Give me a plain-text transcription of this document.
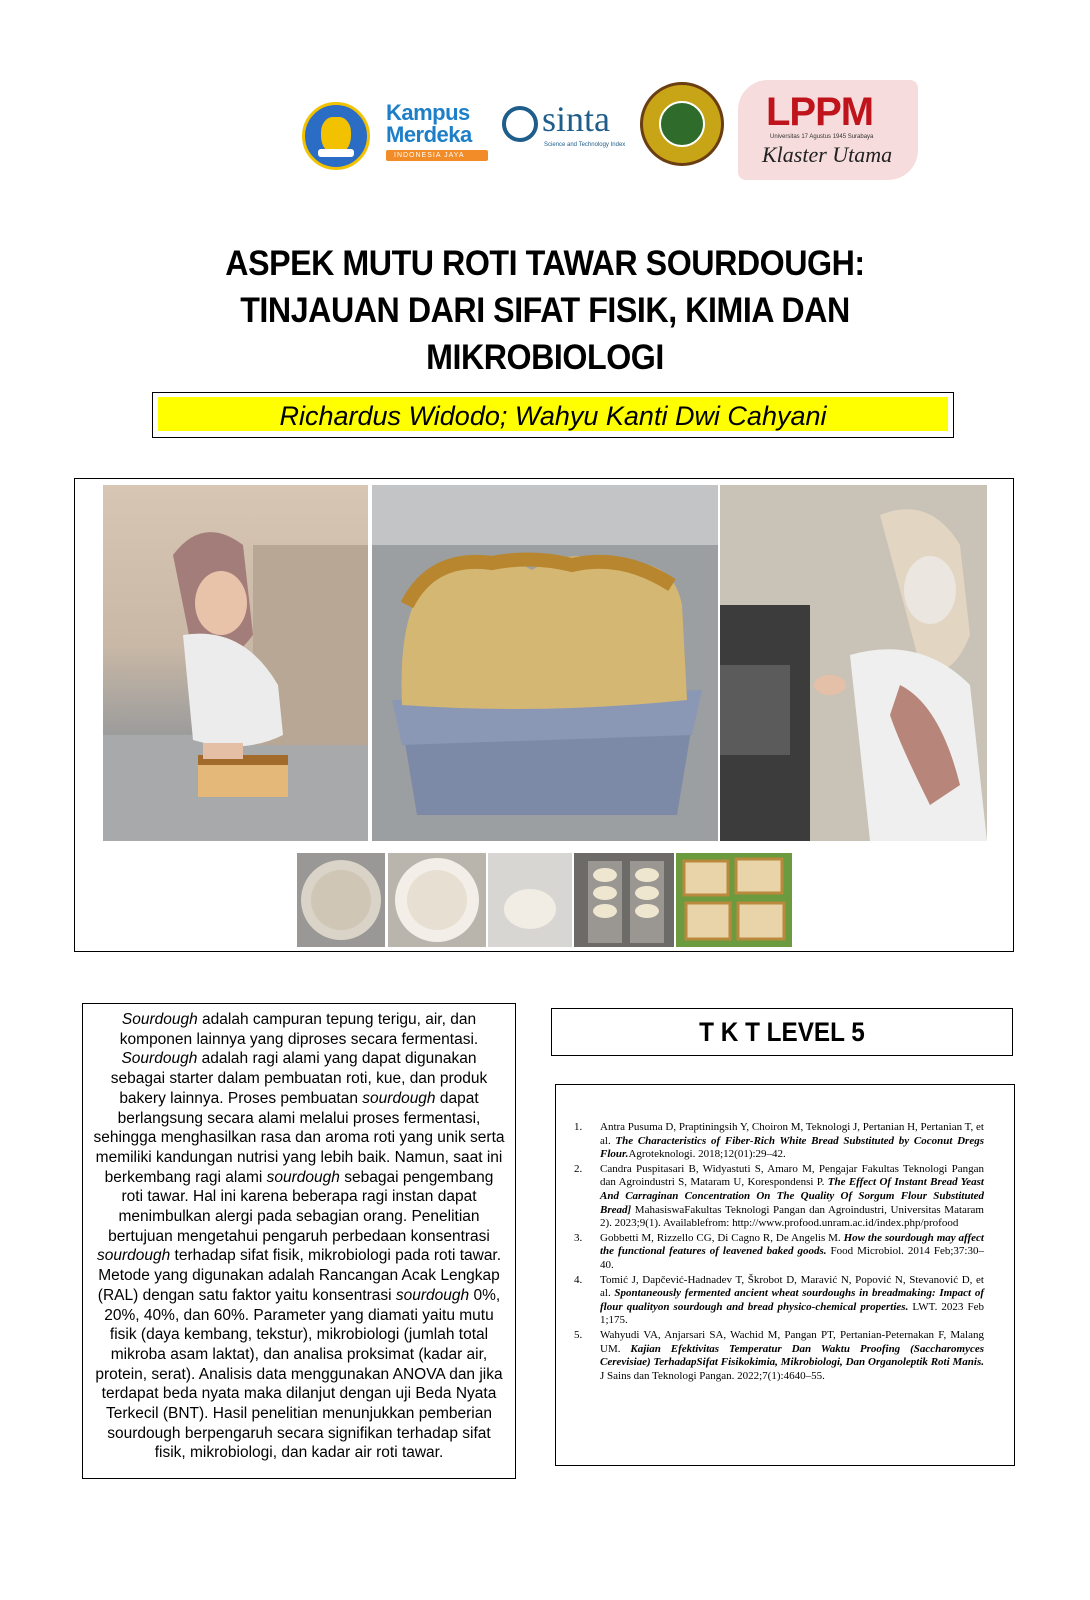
Kampus
Merdeka
INDONESIA JAYA
sinta
Science and Technology Index
LPPM
Universitas 17 Agustus 1945 Surabaya
Klaster Utama
ASPEK MUTU ROTI TAWAR SOURDOUGH:
TINJAUAN DARI SIFAT FISIK, KIMIA DAN
MIKROBIOLOGI
Richardus Widodo; Wahyu Kanti Dwi Cahyani
Sourdough adalah campuran tepung terigu, air, dan komponen lainnya yang diproses secara fermentasi. Sourdough adalah ragi alami yang dapat digunakan sebagai starter dalam pembuatan roti, kue, dan produk bakery lainnya. Proses pembuatan sourdough dapat berlangsung secara alami melalui proses fermentasi, sehingga menghasilkan rasa dan aroma roti yang unik serta memiliki kandungan nutrisi yang lebih baik. Namun, saat ini berkembang ragi alami sourdough sebagai pengembang roti tawar. Hal ini karena beberapa ragi instan dapat menimbulkan alergi pada sebagian orang. Penelitian bertujuan mengetahui pengaruh perbedaan konsentrasi sourdough terhadap sifat fisik, mikrobiologi pada roti tawar. Metode yang digunakan adalah Rancangan Acak Lengkap (RAL) dengan satu faktor yaitu konsentrasi sourdough 0%, 20%, 40%, dan 60%. Parameter yang diamati yaitu mutu fisik (daya kembang, tekstur), mikrobiologi (jumlah total mikroba asam laktat), dan analisa proksimat (kadar air, protein, serat). Analisis data menggunakan ANOVA dan jika terdapat beda nyata maka dilanjut dengan uji Beda Nyata Terkecil (BNT). Hasil penelitian menunjukkan pemberian sourdough berpengaruh secara signifikan terhadap sifat fisik, mikrobiologi, dan kadar air roti tawar.
T K T LEVEL 5
1. Antra Pusuma D, Praptiningsih Y, Choiron M, Teknologi J, Pertanian H, Pertanian T, et al. The Characteristics of Fiber-Rich White Bread Substituted by Coconut Dregs Flour.Agroteknologi. 2018;12(01):29–42.
2. Candra Puspitasari B, Widyastuti S, Amaro M, Pengajar Fakultas Teknologi Pangan dan Agroindustri S, Mataram U, Korespondensi P. The Effect Of Instant Bread Yeast And Carraginan Concentration On The Quality Of Sorgum Flour Substituted Bread] MahasiswaFakultas Teknologi Pangan dan Agroindustri, Universitas Mataram 2). 2023;9(1). Availablefrom: http://www.profood.unram.ac.id/index.php/profood
3. Gobbetti M, Rizzello CG, Di Cagno R, De Angelis M. How the sourdough may affect the functional features of leavened baked goods. Food Microbiol. 2014 Feb;37:30–40.
4. Tomić J, Dapčević-Hadnadev T, Škrobot D, Maravić N, Popović N, Stevanović D, et al. Spontaneously fermented ancient wheat sourdoughs in breadmaking: Impact of flour qualityon sourdough and bread physico-chemical properties. LWT. 2023 Feb 1;175.
5. Wahyudi VA, Anjarsari SA, Wachid M, Pangan PT, Pertanian-Peternakan F, Malang UM. Kajian Efektivitas Temperatur Dan Waktu Proofing (Saccharomyces Cerevisiae) TerhadapSifat Fisikokimia, Mikrobiologi, Dan Organoleptik Roti Manis. J Sains dan Teknologi Pangan. 2022;7(1):4640–55.
